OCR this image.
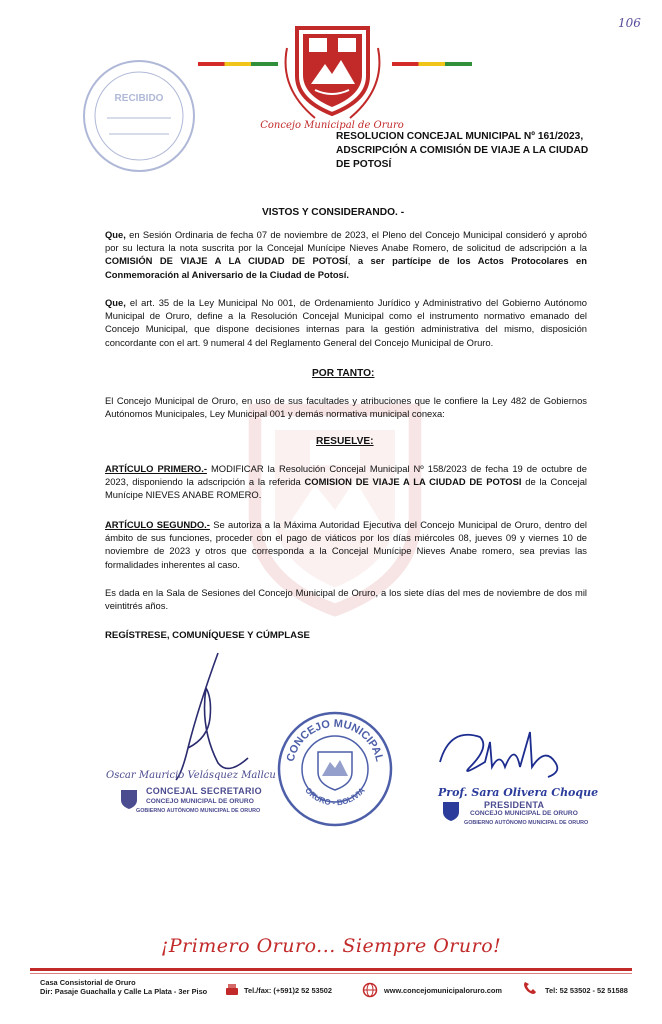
Concejo Municipal de Oruro
106
RECIBIDO
RESOLUCION CONCEJAL MUNICIPAL Nº 161/2023,
ADSCRIPCIÓN A COMISIÓN DE VIAJE A LA CIUDAD
DE POTOSÍ
VISTOS Y CONSIDERANDO. -
Que, en Sesión Ordinaria de fecha 07 de noviembre de 2023, el Pleno del Concejo Municipal consideró y aprobó por su lectura la nota suscrita por la Concejal Munícipe Nieves Anabe Romero, de solicitud de adscripción a la COMISIÓN DE VIAJE A LA CIUDAD DE POTOSÍ, a ser partícipe de los Actos Protocolares en Conmemoración al Aniversario de la Ciudad de Potosí.
Que, el art. 35 de la Ley Municipal No 001, de Ordenamiento Jurídico y Administrativo del Gobierno Autónomo Municipal de Oruro, define a la Resolución Concejal Municipal como el instrumento normativo emanado del Concejo Municipal, que dispone decisiones internas para la gestión administrativa del mismo, disposición concordante con el art. 9 numeral 4 del Reglamento General del Concejo Municipal de Oruro.
POR TANTO:
El Concejo Municipal de Oruro, en uso de sus facultades y atribuciones que le confiere la Ley 482 de Gobiernos Autónomos Municipales, Ley Municipal 001 y demás normativa municipal conexa:
RESUELVE:
ARTÍCULO PRIMERO.- MODIFICAR la Resolución Concejal Municipal Nº 158/2023 de fecha 19 de octubre de 2023, disponiendo la adscripción a la referida COMISION DE VIAJE A LA CIUDAD DE POTOSI de la Concejal Munícipe NIEVES ANABE ROMERO.
ARTÍCULO SEGUNDO.- Se autoriza a la Máxima Autoridad Ejecutiva del Concejo Municipal de Oruro, dentro del ámbito de sus funciones, proceder con el pago de viáticos por los días miércoles 08, jueves 09 y viernes 10 de noviembre de 2023 y otros que corresponda a la Concejal Munícipe Nieves Anabe romero, sea previas las formalidades inherentes al caso.
Es dada en la Sala de Sesiones del Concejo Municipal de Oruro, a los siete días del mes de noviembre de dos mil veintitrés años.
REGÍSTRESE, COMUNÍQUESE Y CÚMPLASE
Oscar Mauricio Velásquez Mallcu
CONCEJAL SECRETARIO
CONCEJO MUNICIPAL DE ORURO
GOBIERNO AUTÓNOMO MUNICIPAL DE ORURO
CONCEJO MUNICIPAL
ORURO - BOLIVIA	Prof. Sara Olivera Choque
PRESIDENTA
CONCEJO MUNICIPAL DE ORURO
GOBIERNO AUTÓNOMO MUNICIPAL DE ORURO
¡Primero Oruro... Siempre Oruro!
Casa Consistorial de Oruro
Dir: Pasaje Guachalla y Calle La Plata - 3er Piso	Tel./fax: (+591)2 52 53502	www.concejomunicipaloruro.com	Tel: 52 53502 - 52 51588
